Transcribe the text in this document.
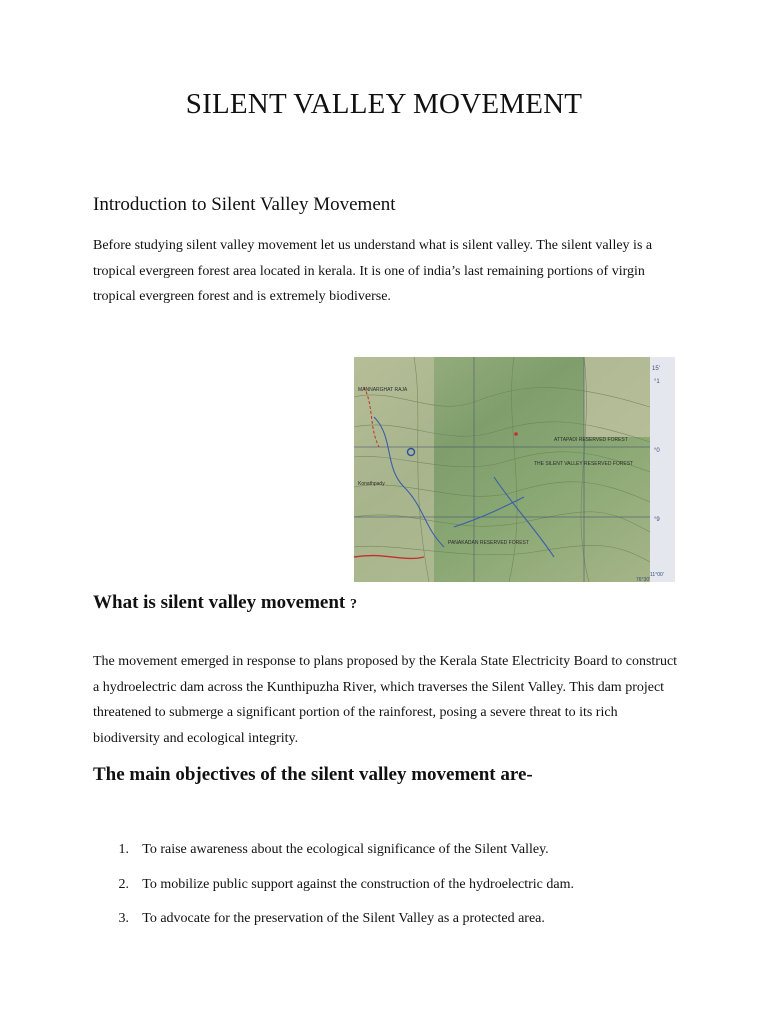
SILENT VALLEY MOVEMENT
Introduction to Silent Valley Movement
Before studying silent valley movement let us understand what is silent valley. The silent valley is a tropical evergreen forest area located in kerala. It is one of india’s last remaining portions of virgin tropical evergreen forest and is extremely biodiverse.
MANNARGHAT RAJA
Konathpady
THE SILENT VALLEY RESERVED FOREST
ATTAPADI RESERVED FOREST
PANAKADAN RESERVED FOREST
15'
°1
°0
°9
11°00'
76°30'
What is silent valley movement ?
The movement emerged in response to plans proposed by the Kerala State Electricity Board to construct a hydroelectric dam across the Kunthipuzha River, which traverses the Silent Valley. This dam project threatened to submerge a significant portion of the rainforest, posing a severe threat to its rich biodiversity and ecological integrity.
The main objectives of the silent valley movement are-
1. To raise awareness about the ecological significance of the Silent Valley.
2. To mobilize public support against the construction of the hydroelectric dam.
3. To advocate for the preservation of the Silent Valley as a protected area.
